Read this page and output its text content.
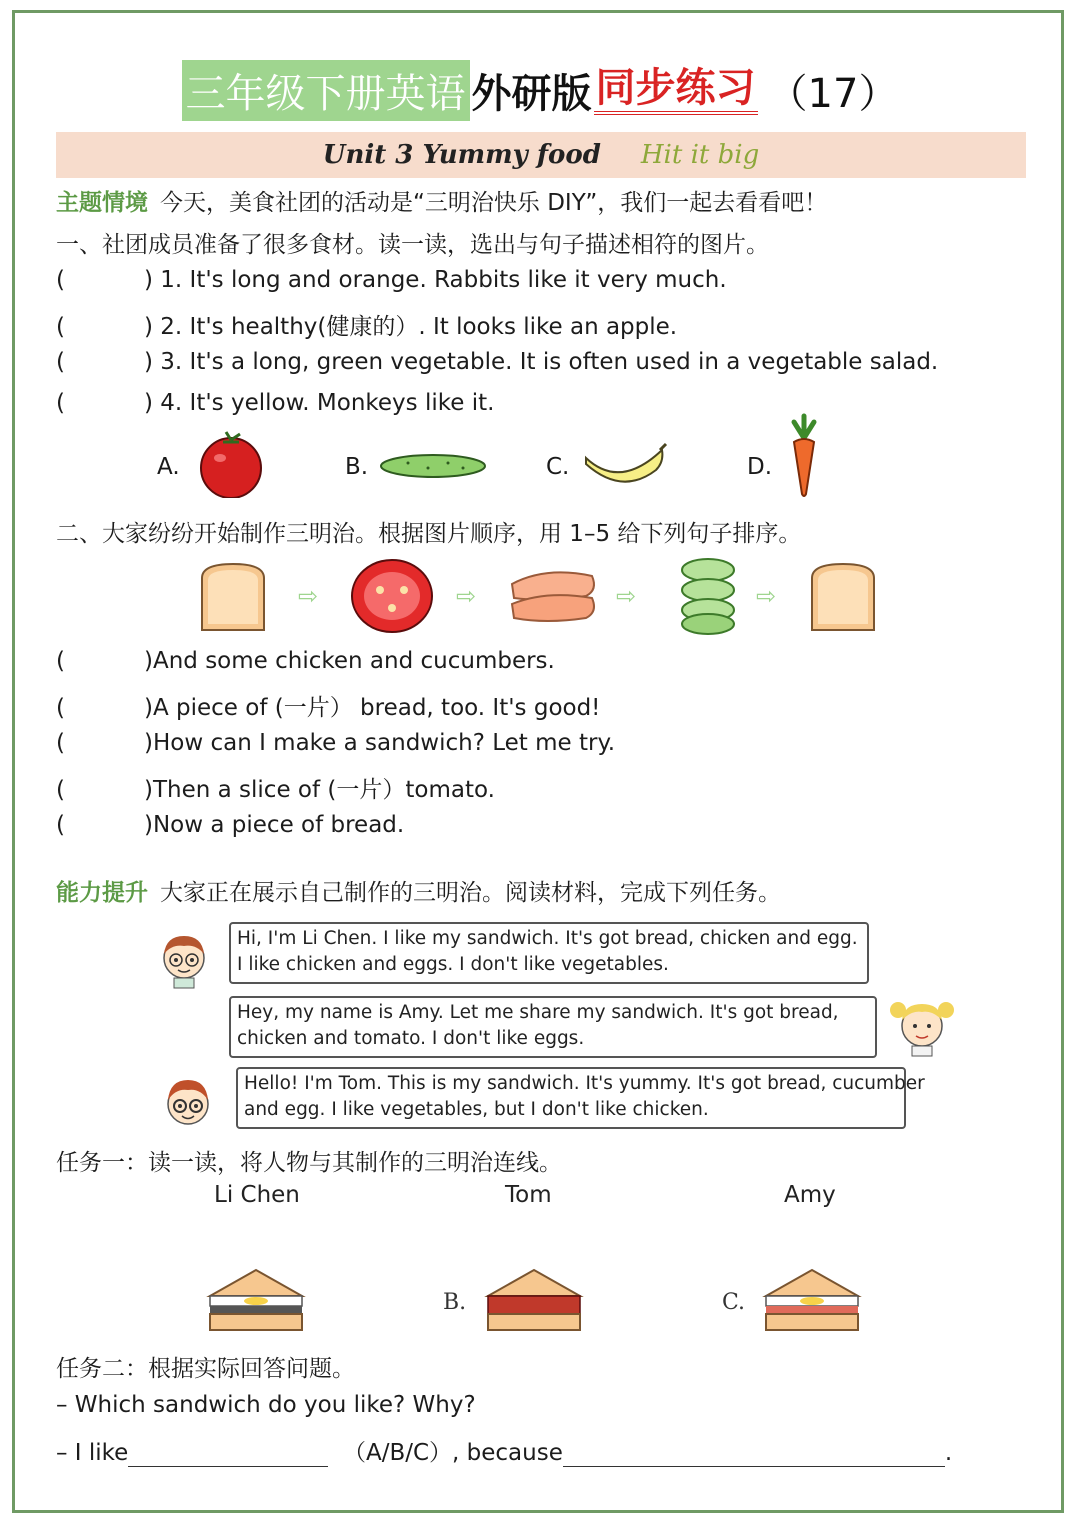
三年级下册英语 外研版 同步练习 （17）
Unit 3 Yummy food Hit it big
主题情境 今天，美食社团的活动是“三明治快乐 DIY”，我们一起去看看吧！
一、社团成员准备了很多食材。读一读，选出与句子描述相符的图片。
(	) 1. It's long and orange. Rabbits like it very much.
(	) 2. It's healthy(健康的）. It looks like an apple.
(	) 3. It's a long, green vegetable. It is often used in a vegetable salad.
(	) 4. It's yellow. Monkeys like it.
A.	B.	C.	D.
二、大家纷纷开始制作三明治。根据图片顺序，用 1–5 给下列句子排序。
⇨	⇨	⇨	⇨
(	)And some chicken and cucumbers.
(	)A piece of (一片） bread, too. It's good!
(	)How can I make a sandwich? Let me try.
(	)Then a slice of (一片）tomato.
(	)Now a piece of bread.
能力提升 大家正在展示自己制作的三明治。阅读材料，完成下列任务。

Hi, I'm Li Chen. I like my sandwich. It's got bread, chicken and egg.

I like chicken and eggs. I don't like vegetables.

Hey, my name is Amy. Let me share my sandwich. It's got bread,

chicken and tomato. I don't like eggs.

Hello! I'm Tom. This is my sandwich. It's yummy. It's got bread, cucumber

and egg. I like vegetables, but I don't like chicken.

任务一：读一读，将人物与其制作的三明治连线。
Li Chen	Tom	Amy
B.	C.
任务二：根据实际回答问题。
– Which sandwich do you like? Why?
– I like	（A/B/C）, because	.
